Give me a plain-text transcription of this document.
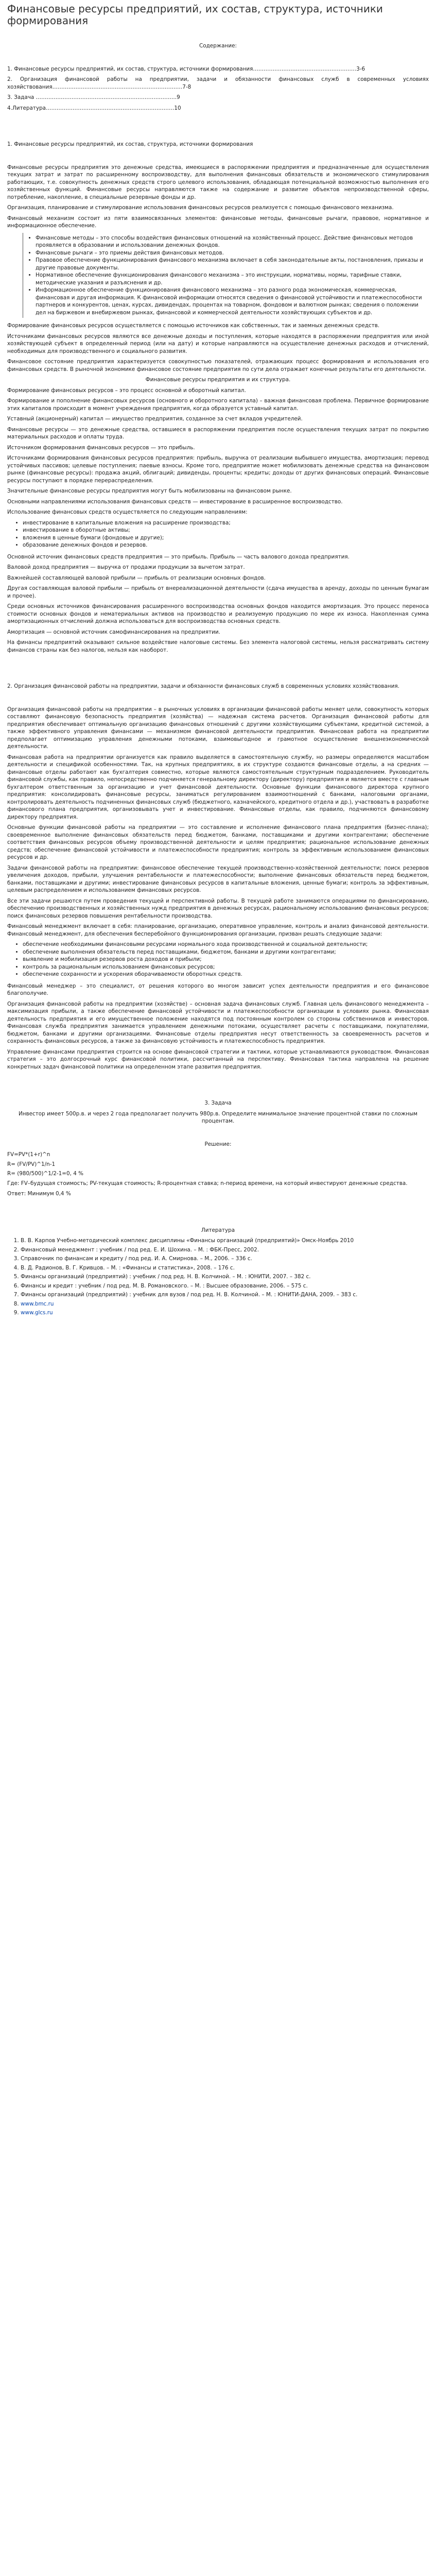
Финансовые ресурсы предприятий, их состав, структура, источники формирования

Содержание:

1. Финансовые ресурсы предприятий, их состав, структура, источники формирования………………………………………………….3-6

2. Организация финансовой работы на предприятии, задачи и обязанности финансовых служб в современных условиях хозяйствования……………………………………………………………….7-8

3. Задача …………………………………………………………………….9

4.Литература………………………………………………………………10

1. Финансовые ресурсы предприятий, их состав, структура, источники формирования

Финансовые ресурсы предприятия это денежные средства, имеющиеся в распоряжении предприятия и предназначенные для осуществления текущих затрат и затрат по расширенному воспроизводству, для выполнения финансовых обязательств и экономического стимулирования работающих, т.е. совокупность денежных средств строго целевого использования, обладающая потенциальной возможностью выполнения его хозяйственных функций. Финансовые ресурсы направляются также на содержание и развитие объектов непроизводственной сферы, потребление, накопление, в специальные резервные фонды и др.

Организация, планирование и стимулирование использования финансовых ресурсов реализуется с помощью финансового механизма.

Финансовый механизм состоит из пяти взаимосвязанных элементов: финансовые методы, финансовые рычаги, правовое, нормативное и информационное обеспечение.

• Финансовые методы – это способы воздействия финансовых отношений на хозяйственный процесс. Действие финансовых методов проявляется в образовании и использовании денежных фондов.
• Финансовые рычаги – это приемы действия финансовых методов.
• Правовое обеспечение функционирования финансового механизма включает в себя законодательные акты, постановления, приказы и другие правовые документы.
• Нормативное обеспечение функционирования финансового механизма – это инструкции, нормативы, нормы, тарифные ставки, методические указания и разъяснения и др.
• Информационное обеспечение функционирования финансового механизма – это разного рода экономическая, коммерческая, финансовая и другая информация. К финансовой информации относятся сведения о финансовой устойчивости и платежеспособности партнеров и конкурентов, ценах, курсах, дивидендах, процентах на товарном, фондовом и валютном рынках; сведения о положении дел на биржевом и внебиржевом рынках, финансовой и коммерческой деятельности хозяйствующих субъектов и др.

Формирование финансовых ресурсов осуществляется с помощью источников как собственных, так и заемных денежных средств.

Источниками финансовых ресурсов являются все денежные доходы и поступления, которые находятся в распоряжении предприятия или иной хозяйствующей субъект в определенный период (или на дату) и которые направляются на осуществление денежных расходов и отчислений, необходимых для производственного и социального развития.

Финансовое состояние предприятия характеризуется совокупностью показателей, отражающих процесс формирования и использования его финансовых средств. В рыночной экономике финансовое состояние предприятия по сути дела отражает конечные результаты его деятельности.

Финансовые ресурсы предприятия и их структура.

Формирование финансовых ресурсов – это процесс основной и оборотный капитал.

Формирование и пополнение финансовых ресурсов (основного и оборотного капитала) – важная финансовая проблема. Первичное формирование этих капиталов происходит в момент учреждения предприятия, когда образуется уставный капитал.

Уставный (акционерный) капитал — имущество предприятия, созданное за счет вкладов учредителей.

Финансовые ресурсы — это денежные средства, оставшиеся в распоряжении предприятия после осуществления текущих затрат по покрытию материальных расходов и оплаты труда.

Источником формирования финансовых ресурсов — это прибыль.

Источниками формирования финансовых ресурсов предприятия: прибыль, выручка от реализации выбывшего имущества, амортизация; перевод устойчивых пассивов; целевые поступления; паевые взносы. Кроме того, предприятие может мобилизовать денежные средства на финансовом рынке (финансовые ресурсы): продажа акций, облигаций; дивиденды, проценты; кредиты; доходы от других финансовых операций. Финансовые ресурсы поступают в порядке перераспределения.

Значительные финансовые ресурсы предприятия могут быть мобилизованы на финансовом рынке.

Основными направлениями использования финансовых средств — инвестирование в расширенное воспроизводство.

Использование финансовых средств осуществляется по следующим направлениям:

• инвестирование в капитальные вложения на расширение производства;
• инвестирование в оборотные активы;
• вложения в ценные бумаги (фондовые и другие);
• образование денежных фондов и резервов.

Основной источник финансовых средств предприятия — это прибыль. Прибыль — часть валового дохода предприятия.

Валовой доход предприятия — выручка от продажи продукции за вычетом затрат.

Важнейшей составляющей валовой прибыли — прибыль от реализации основных фондов.

Другая составляющая валовой прибыли — прибыль от внереализационной деятельности (сдача имущества в аренду, доходы по ценным бумагам и прочее).

Среди основных источников финансирования расширенного воспроизводства основных фондов находится амортизация. Это процесс переноса стоимости основных фондов и нематериальных активов на производство и реализуемую продукцию по мере их износа. Накопленная сумма амортизационных отчислений должна использоваться для воспроизводства основных средств.

Амортизация — основной источник самофинансирования на предприятии.

На финансы предприятий оказывают сильное воздействие налоговые системы. Без элемента налоговой системы, нельзя рассматривать систему финансов страны как без налогов, нельзя как наоборот.

2. Организация финансовой работы на предприятии, задачи и обязанности финансовых служб в современных условиях хозяйствования.

Организация финансовой работы на предприятии – в рыночных условиях в организации финансовой работы меняет цели, совокупность которых составляют финансовую безопасность предприятия (хозяйства) — надежная система расчетов. Организация финансовой работы для предприятия обеспечивает оптимальную организацию финансовых отношений с другими хозяйствующими субъектами, кредитной системой, а также эффективного управления финансами — механизмом финансовой деятельности предприятия. Финансовая работа на предприятии предполагает оптимизацию управления денежными потоками, взаимовыгодное и грамотное осуществление внешнеэкономической деятельности.

Финансовая работа на предприятии организуется как правило выделяется в самостоятельную службу, но размеры определяются масштабом деятельности и спецификой особенностями. Так, на крупных предприятиях, в их структуре создаются финансовые отделы, а на средних — финансовые отделы работают как бухгалтерия совместно, которые являются самостоятельным структурным подразделением. Руководитель финансовой службы, как правило, непосредственно подчиняется генеральному директору (директору) предприятия и является вместе с главным бухгалтером ответственным за организацию и учет финансовой деятельности. Основные функции финансового директора крупного предприятия: консолидировать финансовые ресурсы, заниматься регулированием взаимоотношений с банками, налоговыми органами, контролировать деятельность подчиненных финансовых служб (бюджетного, казначейского, кредитного отдела и др.), участвовать в разработке финансового плана предприятия, организовывать учет и инвестирование. Финансовые отделы, как правило, подчиняются финансовому директору предприятия.

Основные функции финансовой работы на предприятии — это составление и исполнение финансового плана предприятия (бизнес-плана); своевременное выполнение финансовых обязательств перед бюджетом, банками, поставщиками и другими контрагентами; обеспечение соответствия финансовых ресурсов объему производственной деятельности и целям предприятия; рациональное использование денежных средств; обеспечение финансовой устойчивости и платежеспособности предприятия; контроль за эффективным использованием финансовых ресурсов и др.

Задачи финансовой работы на предприятии: финансовое обеспечение текущей производственно-хозяйственной деятельности; поиск резервов увеличения доходов, прибыли, улучшения рентабельности и платежеспособности; выполнение финансовых обязательств перед бюджетом, банками, поставщиками и другими; инвестирование финансовых ресурсов в капитальные вложения, ценные бумаги; контроль за эффективным, целевым распределением и использованием финансовых ресурсов.

Все эти задачи решаются путем проведения текущей и перспективной работы. В текущей работе занимаются операциями по финансированию, обеспечению производственных и хозяйственных нужд предприятия в денежных ресурсах, рациональному использованию финансовых ресурсов; поиск финансовых резервов повышения рентабельности производства.

Финансовый менеджмент включает в себя: планирование, организацию, оперативное управление, контроль и анализ финансовой деятельности. Финансовый менеджмент, для обеспечения бесперебойного функционирования организации, призван решать следующие задачи:

• обеспечение необходимыми финансовыми ресурсами нормального хода производственной и социальной деятельности;
• обеспечение выполнения обязательств перед поставщиками, бюджетом, банками и другими контрагентами;
• выявление и мобилизация резервов роста доходов и прибыли;
• контроль за рациональным использованием финансовых ресурсов;
• обеспечение сохранности и ускорения оборачиваемости оборотных средств.

Финансовый менеджер – это специалист, от решения которого во многом зависит успех деятельности предприятия и его финансовое благополучие.

Организация финансовой работы на предприятии (хозяйстве) – основная задача финансовых служб. Главная цель финансового менеджмента – максимизация прибыли, а также обеспечение финансовой устойчивости и платежеспособности организации в условиях рынка. Финансовая деятельность предприятия и его имущественное положение находятся под постоянным контролем со стороны собственников и инвесторов. Финансовая служба предприятия занимается управлением денежными потоками, осуществляет расчеты с поставщиками, покупателями, бюджетом, банками и другими организациями. Финансовые отделы предприятия несут ответственность за своевременность расчетов и сохранность финансовых ресурсов, а также за финансовую устойчивость и платежеспособность предприятия.

Управление финансами предприятия строится на основе финансовой стратегии и тактики, которые устанавливаются руководством. Финансовая стратегия – это долгосрочный курс финансовой политики, рассчитанный на перспективу. Финансовая тактика направлена на решение конкретных задач финансовой политики на определенном этапе развития предприятия.

3. Задача

Инвестор имеет 500р.в. и через 2 года предполагает получить 980р.в. Определите минимальное значение процентной ставки по сложным процентам.

Решение:

FV=PV*(1+r)^n

R= (FV/PV)^1/n-1

R= (980/500)^1/2-1=0, 4 %

Где: FV–будущая стоимость; PV-текущая стоимость; R-процентная ставка; n-период времени, на который инвестируют денежные средства.

Ответ: Минимум 0,4 %

Литература

1. В. В. Карпов Учебно-методический комплекс дисциплины «Финансы организаций (предприятий)» Омск-Ноябрь 2010
2. Финансовый менеджмент : учебник / под ред. Е. И. Шохина. – М. : ФБК-Пресс, 2002.
3. Справочник по финансам и кредиту / под ред. И. А. Смирнова. – М., 2006. – 336 с.
4. В. Д. Радионов, В. Г. Кривцов. – М. : «Финансы и статистика», 2008. – 176 с.
5. Финансы организаций (предприятий) : учебник / под ред. Н. В. Колчиной. – М. : ЮНИТИ, 2007. – 382 с.
6. Финансы и кредит : учебник / под ред. М. В. Романовского. – М. : Высшее образование, 2006. – 575 с.
7. Финансы организаций (предприятий) : учебник для вузов / под ред. Н. В. Колчиной. – М. : ЮНИТИ-ДАНА, 2009. – 383 с.
8. www.bmc.ru
9. www.glcs.ru
